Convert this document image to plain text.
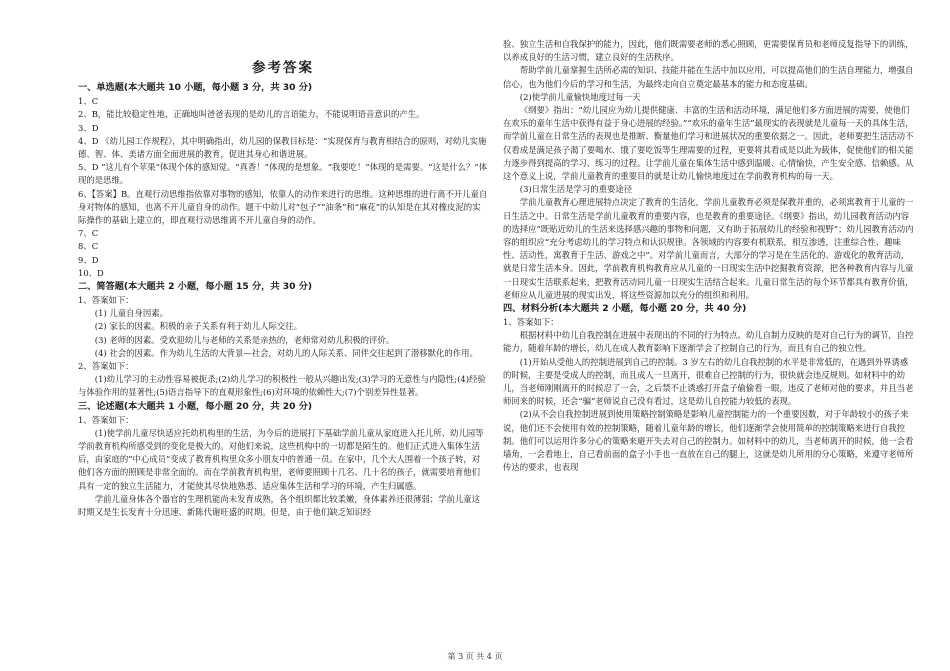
参考答案

一、单选题(本大题共 10 小题，每小题 3 分，共 30 分)

1、C

2、B，能比较稳定性地、正确地叫爸爸表现的是幼儿的言语能力，不能说明语音意识的产生。

3、D

4、D 《幼儿园工作规程》，其中明确指出，幼儿园的保教目标是：“实现保育与教育相结合的原则，对幼儿实施德、智、体、美诸方面全面进展的教育，促进其身心和谐进展。

5、D “这儿有个苹果”体现个体的感知觉。“真香！”体现的是想象。“我要吃！”体现的是需要。“这是什么？”体现的是思维。

6、【答案】B。直观行动思维指依靠对事物的感知，依靠人的动作来进行的思维。这种思维的进行离不开儿童自身对物体的感知，也离不开儿童自身的动作。题干中幼儿对“包子”“油条”和“麻花”的认知是在其对橡皮泥的实际操作的基础上建立的，即直观行动思维离不开儿童自身的动作。

7、C

8、C

9、D

10、D

二、简答题(本大题共 2 小题，每小题 15 分，共 30 分)

1、答案如下：

(1) 儿童自身因素。

(2) 家长的因素。积极的亲子关系有利于幼儿人际交往。

(3) 老师的因素。受欢迎幼儿与老师的关系是亲热的，老师常对幼儿积极的评价。

(4) 社会的因素。作为幼儿生活的大背景—社会，对幼儿的人际关系、同伴交往起到了潜移默化的作用。

2、答案如下：

(1)幼儿学习的主动性容易被扼杀;(2)幼儿学习的积极性一般从兴趣出发;(3)学习的无意性与内隐性;(4)经验与体验作用的显著性;(5)语言指导下的直观形象性;(6)对环境的依赖性大;(7)个别差异性显著。

三、论述题(本大题共 1 小题，每小题 20 分，共 20 分)

1、答案如下：

(1)使学前儿童尽快适应托幼机构里的生活，为今后的进展打下基础学前儿童从家庭进入托儿所、幼儿园等学前教育机构所感受到的变化是极大的。对他们来说，这些机构中的一切都是陌生的。他们正式进入集体生活后，由家庭的“中心成员”变成了教育机构里众多小朋友中的普通一员。在家中，几个大人围着一个孩子转，对他们各方面的照顾是非常全面的。而在学前教育机构里，老师要照顾十几名、几十名的孩子，就需要培育他们具有一定的独立生活能力，才能使其尽快地熟悉、适应集体生活和学习的环境，产生归属感。

学前儿童身体各个器官的生理机能尚未发育成熟，各个组织都比较柔嫩，身体素养还很薄弱；学前儿童这时期又是生长发育十分迅速、新陈代谢旺盛的时期。但是，由于他们缺乏知识经

验、独立生活和自我保护的能力，因此，他们既需要老师的悉心照顾，更需要保育员和老师反复指导下的训练，以养成良好的生活习惯，建立良好的生活秩序。

帮助学前儿童掌握生活所必需的知识、技能并能在生活中加以应用，可以提高他们的生活自理能力，增强自信心，也为他们今后的学习和生活，为最终走向自立奠定最基本的能力和态度基础。

(2)使学前儿童愉快地度过每一天

《纲要》指出：“幼儿园应为幼儿提供健康、丰富的生活和活动环境，满足他们多方面进展的需要，使他们在欢乐的童年生活中获得有益于身心进展的经验。”“欢乐的童年生活”最现实的表现就是儿童每一天的具体生活，而学前儿童在日常生活的表现也是推断、衡量他们学习和进展状况的重要依据之一。因此，老师要把生活活动不仅看成是满足孩子渴了要喝水、饿了要吃饭等生理需要的过程，更要将其看成是以此为载体，促使他们的相关能力逐步得到提高的学习、练习的过程。让学前儿童在集体生活中感到温暖、心情愉快，产生安全感、信赖感。从这个意义上说，学前儿童教育的重要目的就是让幼儿愉快地度过在学前教育机构的每一天。

(3)日常生活是学习的重要途径

学前儿童教育心理进展特点决定了教育的生活化，学前儿童教育必须是保教并重的，必须寓教育于儿童的一日生活之中。日常生活是学前儿童教育的重要内容，也是教育的重要途径。《纲要》指出，幼儿园教育活动内容的选择应“既贴近幼儿的生活来选择感兴趣的事物和问题，又有助于拓展幼儿的经验和视野”；幼儿园教育活动内容的组织应“充分考虑幼儿的学习特点和认识规律。各领域的内容要有机联系，相互渗透，注重综合性、趣味性、活动性，寓教育于生活、游戏之中”。对学前儿童而言，大部分的学习是在生活化的、游戏化的教育活动，就是日常生活本身。因此，学前教育机构教育应从儿童的一日现实生活中挖掘教育资源，把各种教育内容与儿童一日现实生活联系起来，把教育活动同儿童一日现实生活结合起来。儿童日常生活的每个环节都具有教育价值，老师应从儿童进展的现实出发，将这些资源加以充分的组织和利用。

四、材料分析(本大题共 2 小题，每小题 20 分，共 40 分)

1、答案如下：

根据材料中幼儿自我控制在进展中表现出的不同的行为特点。幼儿自制力反映的是对自己行为的调节，自控能力，随着年龄的增长，幼儿在成人教育影响下逐渐学会了控制自己的行为，而且有自己的独立性。

(1)开始从受他人的控制进展到自己的控制。3 岁左右的幼儿自我控制的水平是非常低的，在遇到外界诱惑的时候，主要是受成人的控制，而且成人一旦离开，很难自己控制的行为，很快就会违反规则。如材料中的幼儿，当老师刚刚离开的时候忍了一会，之后禁不止诱惑打开盒子偷偷看一眼，违反了老师对他的要求，并且当老师回来的时候，还会“骗”老师说自己没有看过，这是幼儿自控能力较低的表现。

(2)从不会自我控制进展到使用策略控制策略是影响儿童控制能力的一个重要因数，对于年龄较小的孩子来说，他们还不会使用有效的控制策略，随着儿童年龄的增长，他们逐渐学会使用简单的控制策略来进行自我控制。他们可以运用许多分心的策略来避开失去对自己的控制力。如材料中的幼儿，当老师离开的时候，他一会看墙角，一会看地上，自己看前面的盒子小手也一直放在自己的腿上，这就是幼儿所用的分心策略，来遵守老师所传达的要求，也表现

第 3 页 共 4 页
